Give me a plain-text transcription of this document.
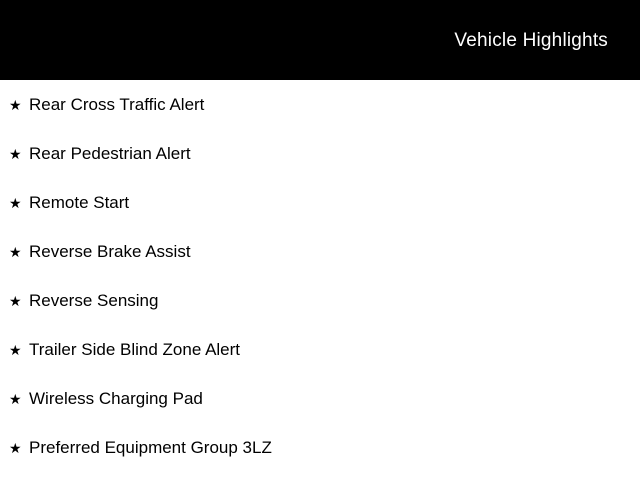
Vehicle Highlights
★ Rear Cross Traffic Alert
★ Rear Pedestrian Alert
★ Remote Start
★ Reverse Brake Assist
★ Reverse Sensing
★ Trailer Side Blind Zone Alert
★ Wireless Charging Pad
★ Preferred Equipment Group 3LZ
